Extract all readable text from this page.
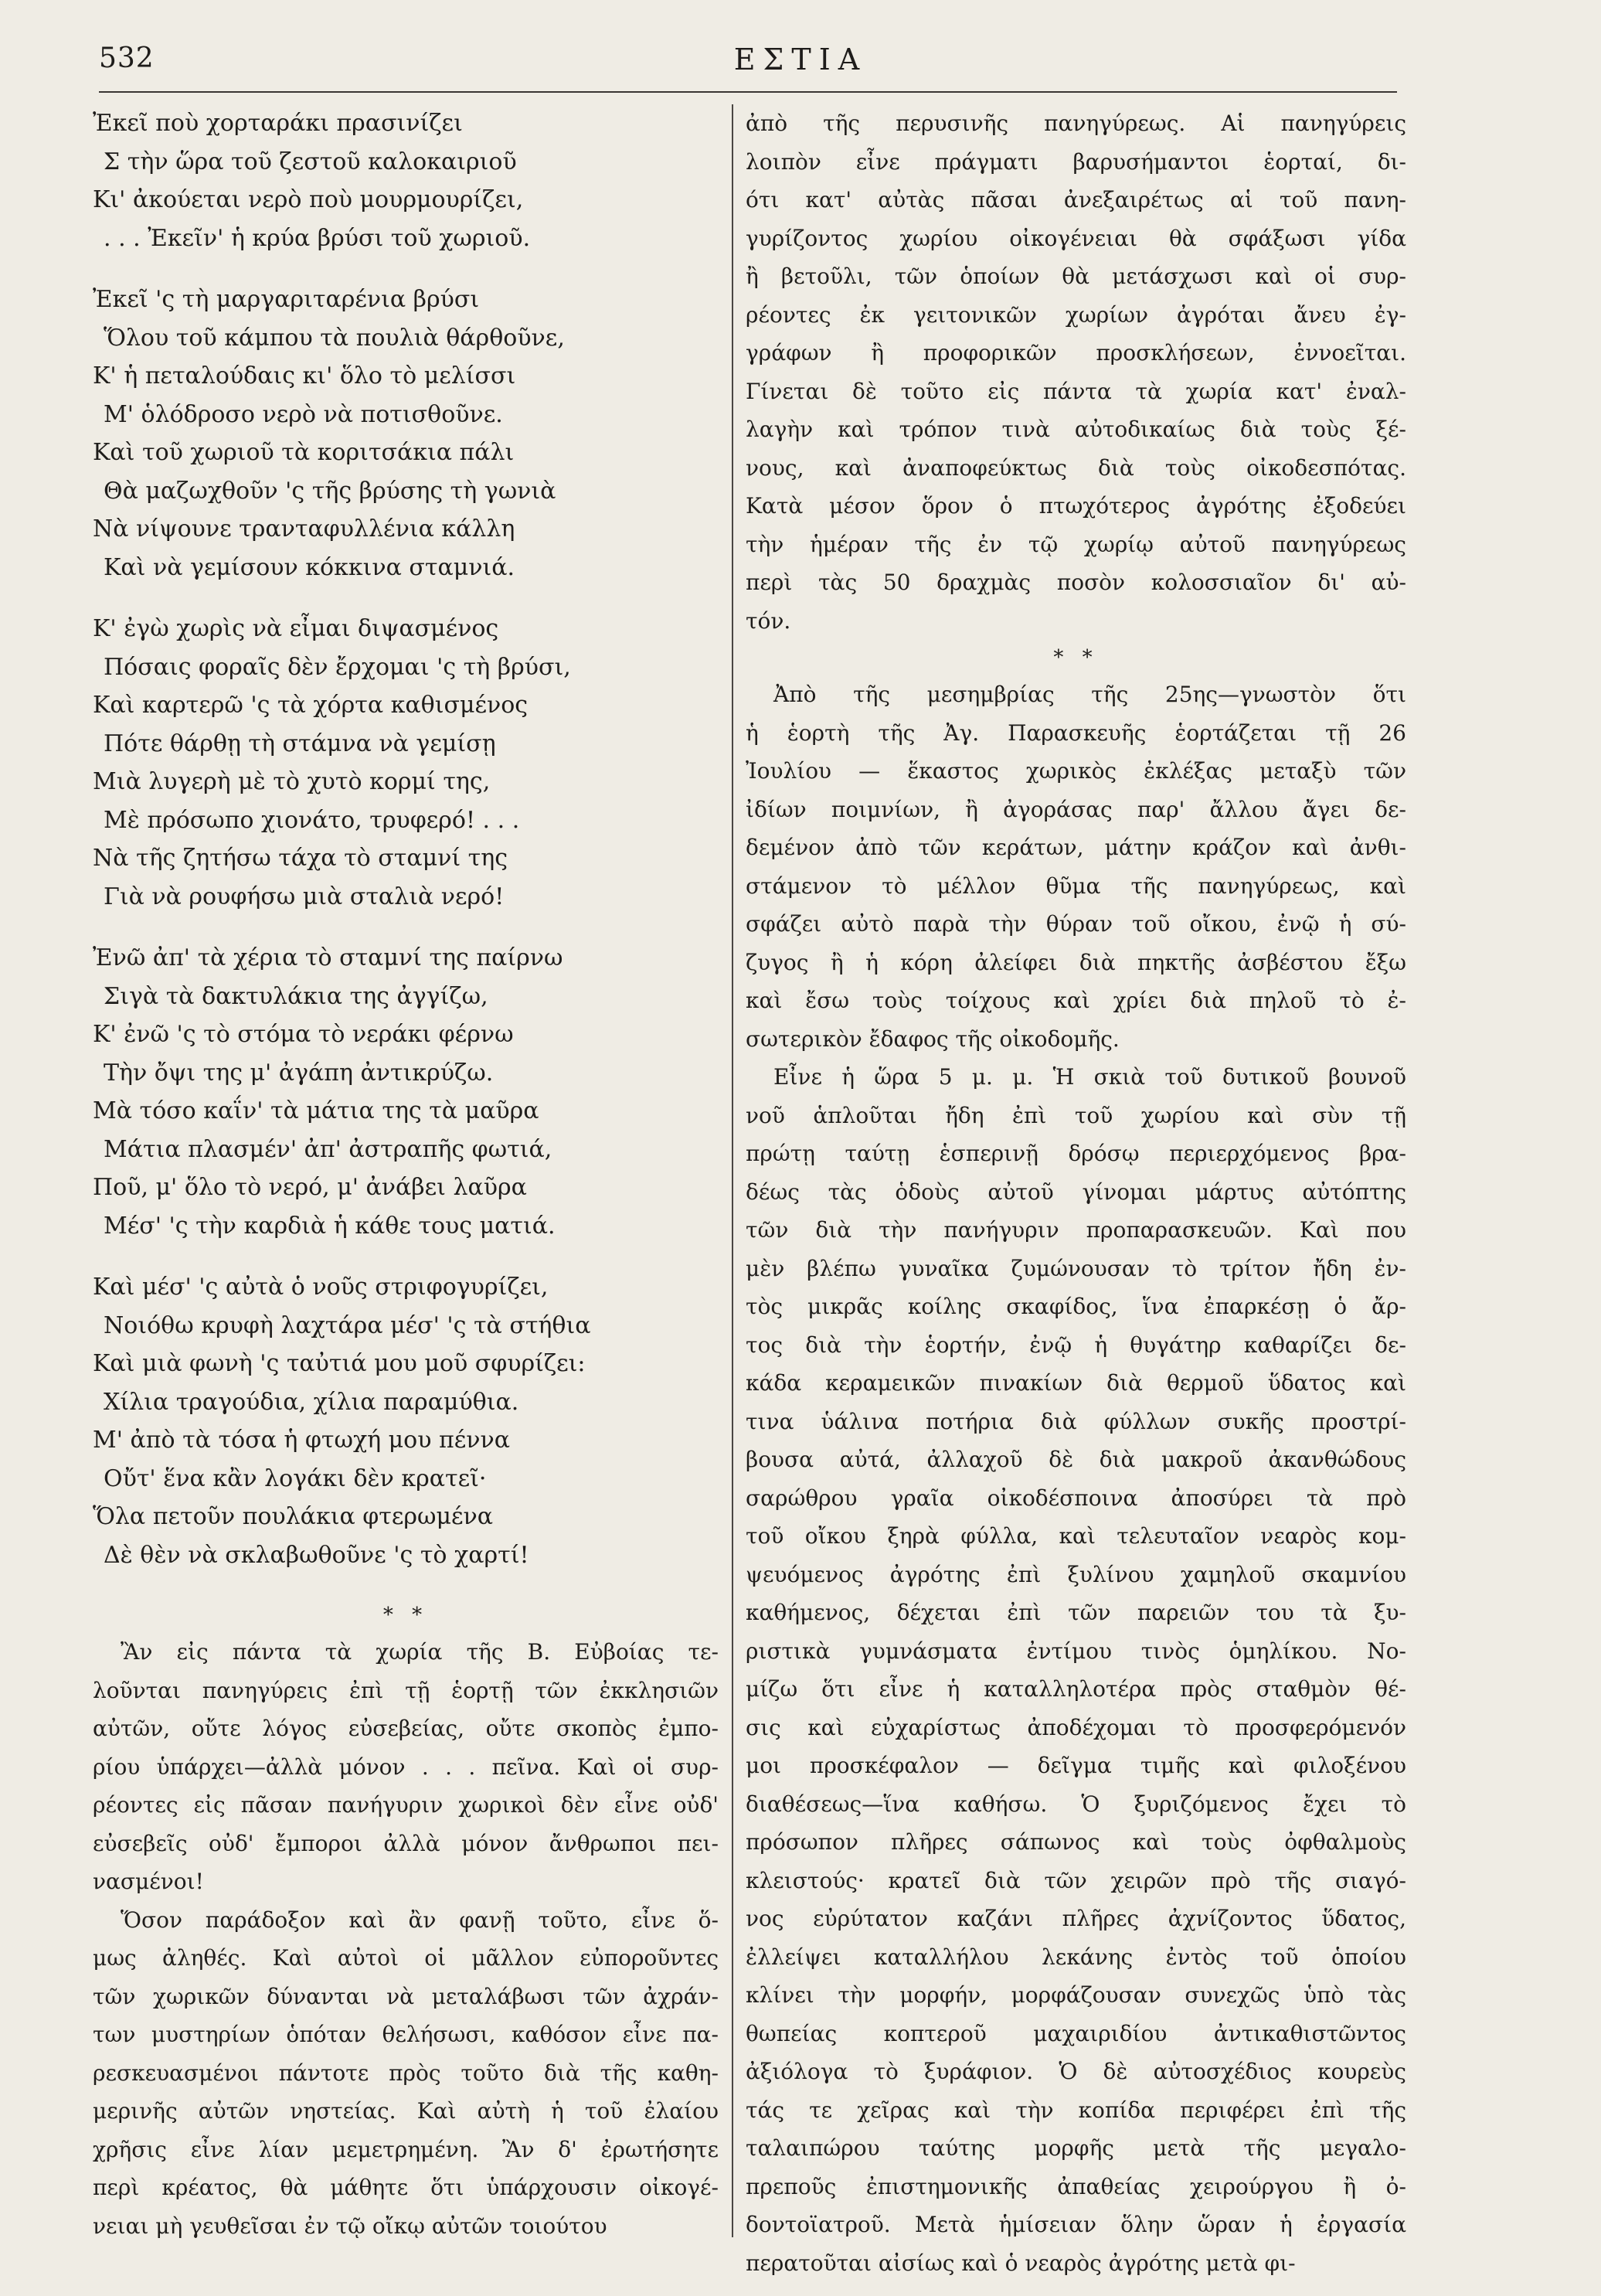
532	ΕΣΤΙΑ
Ἐκεῖ ποὺ χορταράκι πρασινίζει
Σ τὴν ὥρα τοῦ ζεστοῦ καλοκαιριοῦ
Κι' ἀκούεται νερὸ ποὺ μουρμουρίζει,
. . . Ἐκεῖν' ἡ κρύα βρύσι τοῦ χωριοῦ.
Ἐκεῖ 'ς τὴ μαργαριταρένια βρύσι
Ὅλου τοῦ κάμπου τὰ πουλιὰ θάρθοῦνε,
Κ' ἡ πεταλούδαις κι' ὅλο τὸ μελίσσι
Μ' ὁλόδροσο νερὸ νὰ ποτισθοῦνε.
Καὶ τοῦ χωριοῦ τὰ κοριτσάκια πάλι
Θὰ μαζωχθοῦν 'ς τῆς βρύσης τὴ γωνιὰ
Νὰ νίψουνε τρανταφυλλένια κάλλη
Καὶ νὰ γεμίσουν κόκκινα σταμνιά.
Κ' ἐγὼ χωρὶς νὰ εἶμαι διψασμένος
Πόσαις φοραῖς δὲν ἔρχομαι 'ς τὴ βρύσι,
Καὶ καρτερῶ 'ς τὰ χόρτα καθισμένος
Πότε θάρθῃ τὴ στάμνα νὰ γεμίσῃ
Μιὰ λυγερὴ μὲ τὸ χυτὸ κορμί της,
Μὲ πρόσωπο χιονάτο, τρυφερό! . . .
Νὰ τῆς ζητήσω τάχα τὸ σταμνί της
Γιὰ νὰ ρουφήσω μιὰ σταλιὰ νερό!
Ἐνῶ ἀπ' τὰ χέρια τὸ σταμνί της παίρνω
Σιγὰ τὰ δακτυλάκια της ἀγγίζω,
Κ' ἐνῶ 'ς τὸ στόμα τὸ νεράκι φέρνω
Τὴν ὄψι της μ' ἀγάπη ἀντικρύζω.
Μὰ τόσο καΐν' τὰ μάτια της τὰ μαῦρα
Μάτια πλασμέν' ἀπ' ἀστραπῆς φωτιά,
Ποῦ, μ' ὅλο τὸ νερό, μ' ἀνάβει λαῦρα
Μέσ' 'ς τὴν καρδιὰ ἡ κάθε τους ματιά.
Καὶ μέσ' 'ς αὐτὰ ὁ νοῦς στριφογυρίζει,
Νοιόθω κρυφὴ λαχτάρα μέσ' 'ς τὰ στήθια
Καὶ μιὰ φωνὴ 'ς ταὐτιά μου μοῦ σφυρίζει:
Χίλια τραγούδια, χίλια παραμύθια.
Μ' ἀπὸ τὰ τόσα ἡ φτωχή μου πέννα
Οὔτ' ἕνα κἂν λογάκι δὲν κρατεῖ·
Ὅλα πετοῦν πουλάκια φτερωμένα
Δὲ θὲν νὰ σκλαβωθοῦνε 'ς τὸ χαρτί!
* *
Ἂν εἰς πάντα τὰ χωρία τῆς Β. Εὐβοίας τε-
λοῦνται πανηγύρεις ἐπὶ τῇ ἑορτῇ τῶν ἐκκλησιῶν
αὐτῶν, οὔτε λόγος εὐσεβείας, οὔτε σκοπὸς ἐμπο-
ρίου ὑπάρχει—ἀλλὰ μόνον . . . πεῖνα. Καὶ οἱ συρ-
ρέοντες εἰς πᾶσαν πανήγυριν χωρικοὶ δὲν εἶνε οὐδ'
εὐσεβεῖς οὐδ' ἔμποροι ἀλλὰ μόνον ἄνθρωποι πει-
νασμένοι!
Ὅσον παράδοξον καὶ ἂν φανῇ τοῦτο, εἶνε ὅ-
μως ἀληθές. Καὶ αὐτοὶ οἱ μᾶλλον εὐποροῦντες
τῶν χωρικῶν δύνανται νὰ μεταλάβωσι τῶν ἀχράν-
των μυστηρίων ὁπόταν θελήσωσι, καθόσον εἶνε πα-
ρεσκευασμένοι πάντοτε πρὸς τοῦτο διὰ τῆς καθη-
μερινῆς αὐτῶν νηστείας. Καὶ αὐτὴ ἡ τοῦ ἐλαίου
χρῆσις εἶνε λίαν μεμετρημένη. Ἂν δ' ἐρωτήσητε
περὶ κρέατος, θὰ μάθητε ὅτι ὑπάρχουσιν οἰκογέ-
νειαι μὴ γευθεῖσαι ἐν τῷ οἴκῳ αὐτῶν τοιούτου
ἀπὸ τῆς περυσινῆς πανηγύρεως. Αἱ πανηγύρεις
λοιπὸν εἶνε πράγματι βαρυσήμαντοι ἑορταί, δι-
ότι κατ' αὐτὰς πᾶσαι ἀνεξαιρέτως αἱ τοῦ πανη-
γυρίζοντος χωρίου οἰκογένειαι θὰ σφάξωσι γίδα
ἢ βετοῦλι, τῶν ὁποίων θὰ μετάσχωσι καὶ οἱ συρ-
ρέοντες ἐκ γειτονικῶν χωρίων ἀγρόται ἄνευ ἐγ-
γράφων ἢ προφορικῶν προσκλήσεων, ἐννοεῖται.
Γίνεται δὲ τοῦτο εἰς πάντα τὰ χωρία κατ' ἐναλ-
λαγὴν καὶ τρόπον τινὰ αὐτοδικαίως διὰ τοὺς ξέ-
νους, καὶ ἀναποφεύκτως διὰ τοὺς οἰκοδεσπότας.
Κατὰ μέσον ὅρον ὁ πτωχότερος ἀγρότης ἐξοδεύει
τὴν ἡμέραν τῆς ἐν τῷ χωρίῳ αὐτοῦ πανηγύρεως
περὶ τὰς 50 δραχμὰς ποσὸν κολοσσιαῖον δι' αὐ-
τόν.
* *
Ἀπὸ τῆς μεσημβρίας τῆς 25ης—γνωστὸν ὅτι
ἡ ἑορτὴ τῆς Ἀγ. Παρασκευῆς ἑορτάζεται τῇ 26
Ἰουλίου — ἕκαστος χωρικὸς ἐκλέξας μεταξὺ τῶν
ἰδίων ποιμνίων, ἢ ἀγοράσας παρ' ἄλλου ἄγει δε-
δεμένον ἀπὸ τῶν κεράτων, μάτην κράζον καὶ ἀνθι-
στάμενον τὸ μέλλον θῦμα τῆς πανηγύρεως, καὶ
σφάζει αὐτὸ παρὰ τὴν θύραν τοῦ οἴκου, ἐνῷ ἡ σύ-
ζυγος ἢ ἡ κόρη ἀλείφει διὰ πηκτῆς ἀσβέστου ἔξω
καὶ ἔσω τοὺς τοίχους καὶ χρίει διὰ πηλοῦ τὸ ἐ-
σωτερικὸν ἔδαφος τῆς οἰκοδομῆς.
Εἶνε ἡ ὥρα 5 μ. μ. Ἡ σκιὰ τοῦ δυτικοῦ βουνοῦ
νοῦ ἁπλοῦται ἤδη ἐπὶ τοῦ χωρίου καὶ σὺν τῇ
πρώτῃ ταύτῃ ἑσπερινῇ δρόσῳ περιερχόμενος βρα-
δέως τὰς ὁδοὺς αὐτοῦ γίνομαι μάρτυς αὐτόπτης
τῶν διὰ τὴν πανήγυριν προπαρασκευῶν. Καὶ που
μὲν βλέπω γυναῖκα ζυμώνουσαν τὸ τρίτον ἤδη ἐν-
τὸς μικρᾶς κοίλης σκαφίδος, ἵνα ἐπαρκέσῃ ὁ ἄρ-
τος διὰ τὴν ἑορτήν, ἐνῷ ἡ θυγάτηρ καθαρίζει δε-
κάδα κεραμεικῶν πινακίων διὰ θερμοῦ ὕδατος καὶ
τινα ὑάλινα ποτήρια διὰ φύλλων συκῆς προστρί-
βουσα αὐτά, ἀλλαχοῦ δὲ διὰ μακροῦ ἀκανθώδους
σαρώθρου γραῖα οἰκοδέσποινα ἀποσύρει τὰ πρὸ
τοῦ οἴκου ξηρὰ φύλλα, καὶ τελευταῖον νεαρὸς κομ-
ψευόμενος ἀγρότης ἐπὶ ξυλίνου χαμηλοῦ σκαμνίου
καθήμενος, δέχεται ἐπὶ τῶν παρειῶν του τὰ ξυ-
ριστικὰ γυμνάσματα ἐντίμου τινὸς ὁμηλίκου. Νο-
μίζω ὅτι εἶνε ἡ καταλληλοτέρα πρὸς σταθμὸν θέ-
σις καὶ εὐχαρίστως ἀποδέχομαι τὸ προσφερόμενόν
μοι προσκέφαλον — δεῖγμα τιμῆς καὶ φιλοξένου
διαθέσεως—ἵνα καθήσω. Ὁ ξυριζόμενος ἔχει τὸ
πρόσωπον πλῆρες σάπωνος καὶ τοὺς ὀφθαλμοὺς
κλειστούς· κρατεῖ διὰ τῶν χειρῶν πρὸ τῆς σιαγό-
νος εὐρύτατον καζάνι πλῆρες ἀχνίζοντος ὕδατος,
ἐλλείψει καταλλήλου λεκάνης ἐντὸς τοῦ ὁποίου
κλίνει τὴν μορφήν, μορφάζουσαν συνεχῶς ὑπὸ τὰς
θωπείας κοπτεροῦ μαχαιριδίου ἀντικαθιστῶντος
ἀξιόλογα τὸ ξυράφιον. Ὁ δὲ αὐτοσχέδιος κουρεὺς
τάς τε χεῖρας καὶ τὴν κοπίδα περιφέρει ἐπὶ τῆς
ταλαιπώρου ταύτης μορφῆς μετὰ τῆς μεγαλο-
πρεποῦς ἐπιστημονικῆς ἀπαθείας χειρούργου ἢ ὀ-
δοντοϊατροῦ. Μετὰ ἡμίσειαν ὅλην ὥραν ἡ ἐργασία
περατοῦται αἰσίως καὶ ὁ νεαρὸς ἀγρότης μετὰ φι-
